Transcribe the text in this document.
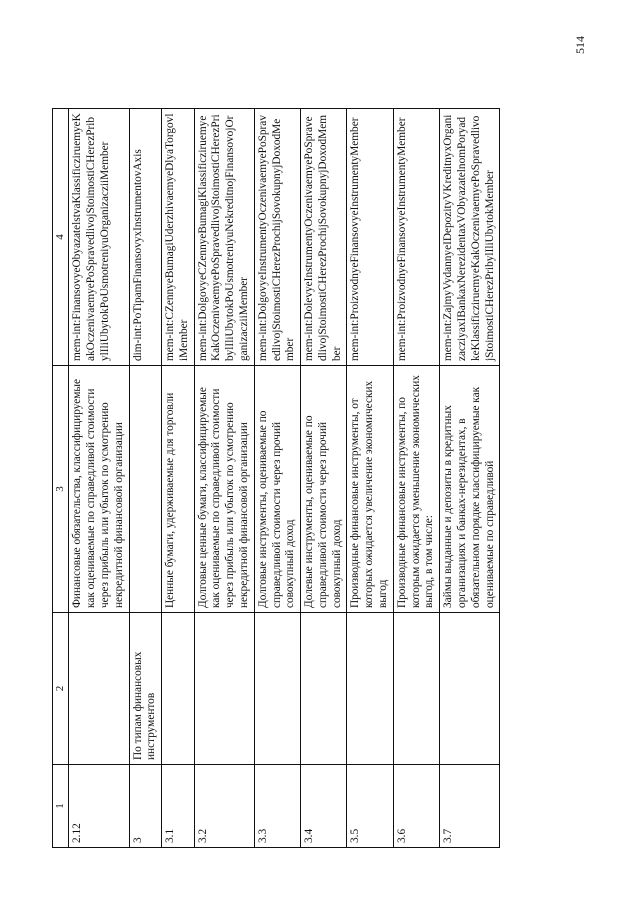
1	2	3	4
2.12		Финансовые обязательства, классифицируемые как оцениваемые по справедливой стоимости через прибыль или убыток по усмотрению некредитной финансовой организации	mem-int:FinansovyeObyazatelstvaKlassificziruemyeKakOczenivaemyePoSpravedlivojStoimostiCHerezPribylIliUbytokPoUsmotreniyuOrganizacziiMember
3	По типам финансовых инструментов		dim-int:PoTipamFinansovyxInstrumentovAxis
3.1		Ценные бумаги, удерживаемые для торговли	mem-int:CZennyeBumagiUderzhivaemyeDlyaTorgovliMember
3.2		Долговые ценные бумаги, классифицируемые как оцениваемые по справедливой стоимости через прибыль или убыток по усмотрению некредитной финансовой организации	mem-int:DolgovyeCZennyeBumagiKlassificziruemyeKakOczenivaemyePoSpravedlivojStoimostiCHerezPribylIliUbytokPoUsmotreniyuNekreditnojFinansovojOrganizacziiMember
3.3		Долговые инструменты, оцениваемые по справедливой стоимости через прочий совокупный доход	mem-int:DolgovyeInstrumentyOczenivaemyePoSpravedlivojStoimostiCHerezProchijSovokupnyjDoxodMember
3.4		Долевые инструменты, оцениваемые по справедливой стоимости через прочий совокупный доход	mem-int:DolevyeInstrumentyOczenivaemyePoSpravedlivojStoimostiCHerezProchijSovokupnyjDoxodMember
3.5		Производные финансовые инструменты, от которых ожидается увеличение экономических выгод	mem-int:ProizvodnyeFinansovyeInstrumentyMember
3.6		Производные финансовые инструменты, по которым ожидается уменьшение экономических выгод, в том числе:	mem-int:ProizvodnyeFinansovyeInstrumentyMember
3.7		Займы выданные и депозиты в кредитных организациях и банках-нерезидентах, в обязательном порядке классифицируемые как оцениваемые по справедливой	mem-int:ZajmyVydannyeIDepozityVKreditnyxOrganizacziyaxIBankaxNerezidentaxVObyazatelnomPoryadkeKlassificziruemyeKakOczenivaemyePoSpravedlivojStoimostiCHerezPribylIliUbytokMember
514
